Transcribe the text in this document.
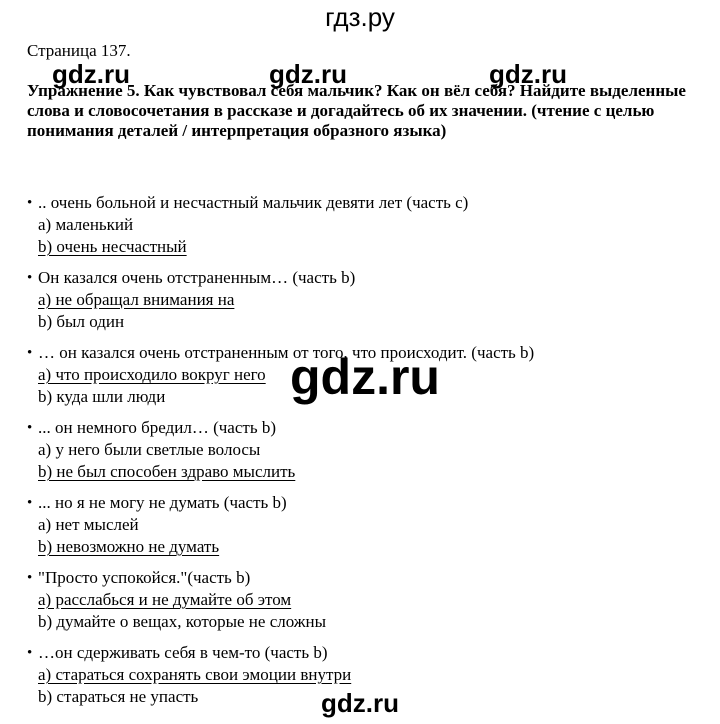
гдз.ру
Страница 137.
gdz.ru	gdz.ru	gdz.ru
Упражнение 5. Как чувствовал себя мальчик? Как он вёл себя? Найдите выделенные слова и словосочетания в рассказе и догадайтесь об их значении. (чтение с целью понимания деталей / интерпретация образного языка)
• .. очень больной и несчастный мальчик девяти лет (часть с)
a) маленький
b) очень несчастный
• Он казался очень отстраненным… (часть b)
a) не обращал внимания на
b) был один
• … он казался очень отстраненным от того, что происходит. (часть b)
a) что происходило вокруг него
b) куда шли люди
• ... он немного бредил… (часть b)
a) у него были светлые волосы
b) не был способен здраво мыслить
• ... но я не могу не думать (часть b)
a) нет мыслей
b) невозможно не думать
• "Просто успокойся."(часть b)
a) расслабься и не думайте об этом
b) думайте о вещах, которые не сложны
• …он сдерживать себя в чем-то (часть b)
a) стараться сохранять свои эмоции внутри
b) стараться не упасть
gdz.ru
gdz.ru
